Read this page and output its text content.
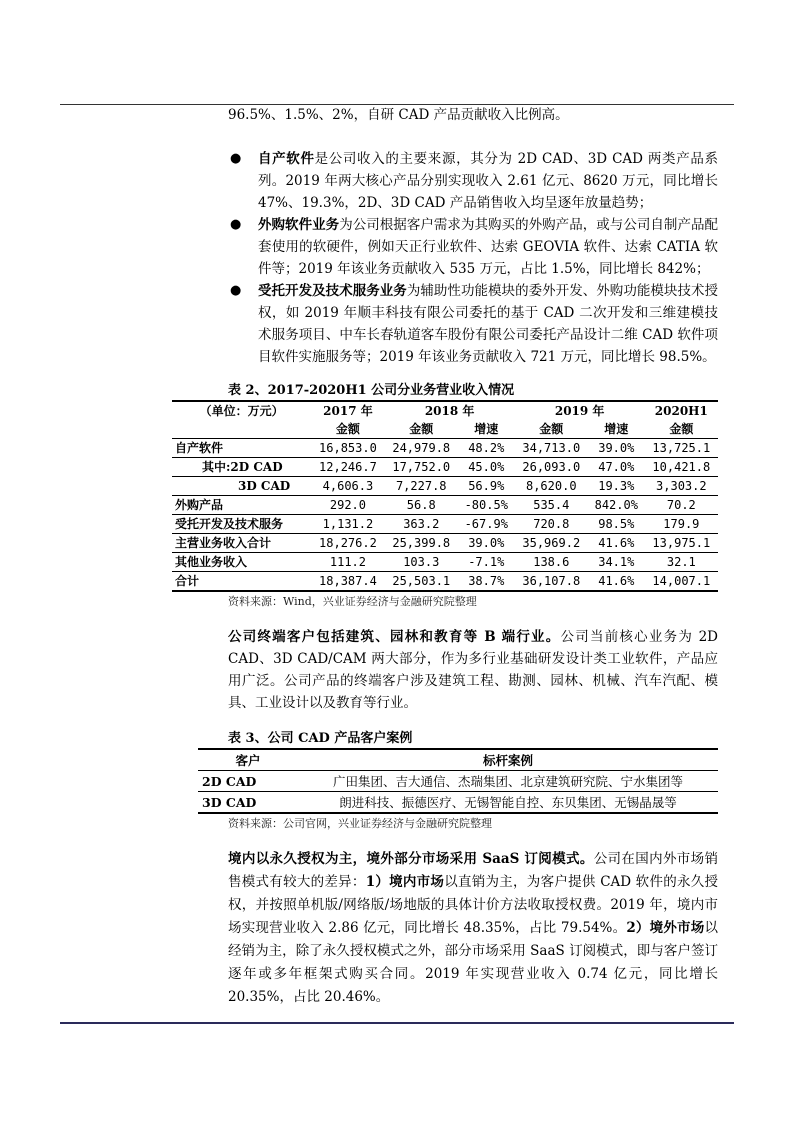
96.5%、1.5%、2%，自研 CAD 产品贡献收入比例高。
●	自产软件是公司收入的主要来源，其分为 2D CAD、3D CAD 两类产品系列。2019 年两大核心产品分别实现收入 2.61 亿元、8620 万元，同比增长 47%、19.3%，2D、3D CAD 产品销售收入均呈逐年放量趋势；
●	外购软件业务为公司根据客户需求为其购买的外购产品，或与公司自制产品配套使用的软硬件，例如天正行业软件、达索 GEOVIA 软件、达索 CATIA 软件等；2019 年该业务贡献收入 535 万元，占比 1.5%，同比增长 842%；
●	受托开发及技术服务业务为辅助性功能模块的委外开发、外购功能模块技术授权，如 2019 年顺丰科技有限公司委托的基于 CAD 二次开发和三维建模技术服务项目、中车长春轨道客车股份有限公司委托产品设计二维 CAD 软件项目软件实施服务等；2019 年该业务贡献收入 721 万元，同比增长 98.5%。
表 2、2017-2020H1 公司分业务营业收入情况
（单位：万元）	2017 年	2018 年		2019 年		2020H1
	金额	金额	增速	金额	增速	金额
自产软件	16,853.0	24,979.8	48.2%	34,713.0	39.0%	13,725.1
其中:2D CAD	12,246.7	17,752.0	45.0%	26,093.0	47.0%	10,421.8
3D CAD	4,606.3	7,227.8	56.9%	8,620.0	19.3%	3,303.2
外购产品	292.0	56.8	-80.5%	535.4	842.0%	70.2
受托开发及技术服务	1,131.2	363.2	-67.9%	720.8	98.5%	179.9
主营业务收入合计	18,276.2	25,399.8	39.0%	35,969.2	41.6%	13,975.1
其他业务收入	111.2	103.3	-7.1%	138.6	34.1%	32.1
合计	18,387.4	25,503.1	38.7%	36,107.8	41.6%	14,007.1
资料来源：Wind，兴业证券经济与金融研究院整理
公司终端客户包括建筑、园林和教育等 B 端行业。公司当前核心业务为 2D CAD、3D CAD/CAM 两大部分，作为多行业基础研发设计类工业软件，产品应用广泛。公司产品的终端客户涉及建筑工程、勘测、园林、机械、汽车汽配、模具、工业设计以及教育等行业。
表 3、公司 CAD 产品客户案例
客户	标杆案例
2D CAD	广田集团、吉大通信、杰瑞集团、北京建筑研究院、宁水集团等
3D CAD	朗进科技、振德医疗、无锡智能自控、东贝集团、无锡晶晟等
资料来源：公司官网，兴业证券经济与金融研究院整理
境内以永久授权为主，境外部分市场采用 SaaS 订阅模式。公司在国内外市场销售模式有较大的差异：1）境内市场以直销为主，为客户提供 CAD 软件的永久授权，并按照单机版/网络版/场地版的具体计价方法收取授权费。2019 年，境内市场实现营业收入 2.86 亿元，同比增长 48.35%，占比 79.54%。2）境外市场以经销为主，除了永久授权模式之外，部分市场采用 SaaS 订阅模式，即与客户签订逐年或多年框架式购买合同。2019 年实现营业收入 0.74 亿元，同比增长 20.35%，占比 20.46%。
